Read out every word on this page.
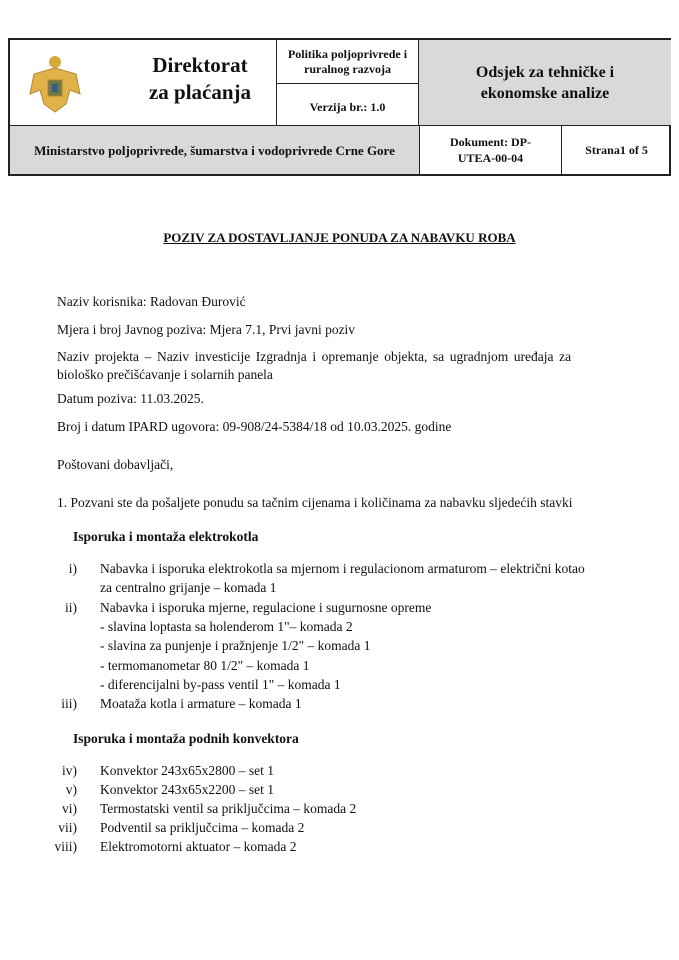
Direktorat
za plaćanja
Politika poljoprivrede i ruralnog razvoja
Verzija br.: 1.0
Odsjek za tehničke i ekonomske analize
Ministarstvo poljoprivrede, šumarstva i vodoprivrede Crne Gore
Dokument: DP-UTEA-00-04
Strana1 of 5
POZIV ZA DOSTAVLJANJE PONUDA ZA NABAVKU ROBA
Naziv korisnika: Radovan Đurović
Mjera i broj Javnog poziva: Mjera 7.1, Prvi javni poziv
Naziv projekta – Naziv investicije Izgradnja i opremanje objekta, sa ugradnjom uređaja za
biološko prečišćavanje i solarnih panela
Datum poziva: 11.03.2025.
Broj i datum IPARD ugovora: 09-908/24-5384/18 od 10.03.2025. godine
Poštovani dobavljači,
1. Pozvani ste da pošaljete ponudu sa tačnim cijenama i količinama za nabavku sljedećih stavki
Isporuka i montaža elektrokotla
i) Nabavka i isporuka elektrokotla sa mjernom i regulacionom armaturom – električni kotao
za centralno grijanje – komada 1
ii) Nabavka i isporuka mjerne, regulacione i sugurnosne opreme
- slavina loptasta sa holenderom 1"– komada 2
- slavina za punjenje i pražnjenje 1/2" – komada 1
- termomanometar 80 1/2" – komada 1
- diferencijalni by-pass ventil 1" – komada 1
iii) Moataža kotla i armature – komada 1
Isporuka i montaža podnih konvektora
iv) Konvektor 243x65x2800 – set 1
v) Konvektor 243x65x2200 – set 1
vi) Termostatski ventil sa priključcima – komada 2
vii) Podventil sa priključcima – komada 2
viii) Elektromotorni aktuator – komada 2
